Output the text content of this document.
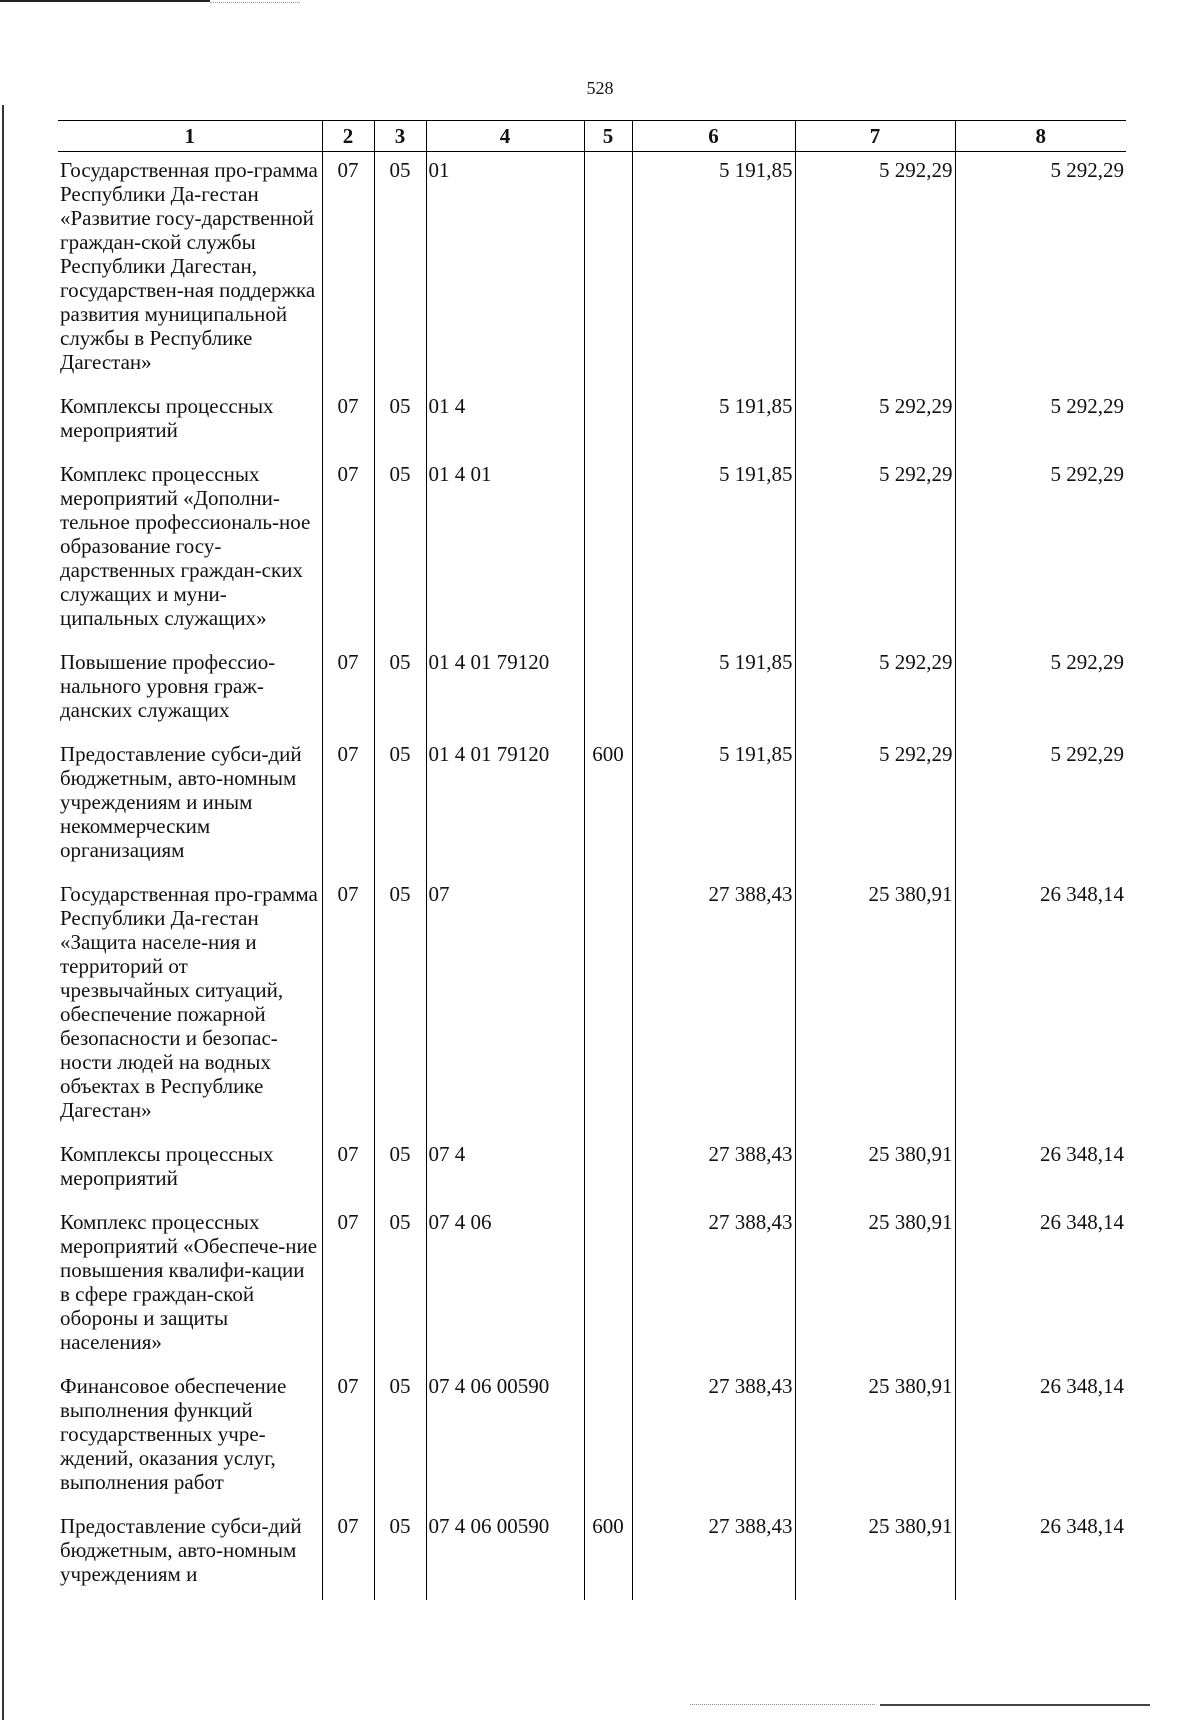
528
1	2	3	4	5	6	7	8
Государственная про-грамма Республики Да-гестан «Развитие госу-дарственной граждан-ской службы Республики Дагестан, государствен-ная поддержка развития муниципальной службы в Республике Дагестан»	07	05	01		5 191,85	5 292,29	5 292,29
Комплексы процессных мероприятий	07	05	01 4		5 191,85	5 292,29	5 292,29
Комплекс процессных мероприятий «Дополни-тельное профессиональ-ное образование госу-дарственных граждан-ских служащих и муни-ципальных служащих»	07	05	01 4 01		5 191,85	5 292,29	5 292,29
Повышение профессио-нального уровня граж-данских служащих	07	05	01 4 01 79120		5 191,85	5 292,29	5 292,29
Предоставление субси-дий бюджетным, авто-номным учреждениям и иным некоммерческим организациям	07	05	01 4 01 79120	600	5 191,85	5 292,29	5 292,29
Государственная про-грамма Республики Да-гестан «Защита населе-ния и территорий от чрезвычайных ситуаций, обеспечение пожарной безопасности и безопас-ности людей на водных объектах в Республике Дагестан»	07	05	07		27 388,43	25 380,91	26 348,14
Комплексы процессных мероприятий	07	05	07 4		27 388,43	25 380,91	26 348,14
Комплекс процессных мероприятий «Обеспече-ние повышения квалифи-кации в сфере граждан-ской обороны и защиты населения»	07	05	07 4 06		27 388,43	25 380,91	26 348,14
Финансовое обеспечение выполнения функций государственных учре-ждений, оказания услуг, выполнения работ	07	05	07 4 06 00590		27 388,43	25 380,91	26 348,14
Предоставление субси-дий бюджетным, авто-номным учреждениям и	07	05	07 4 06 00590	600	27 388,43	25 380,91	26 348,14
